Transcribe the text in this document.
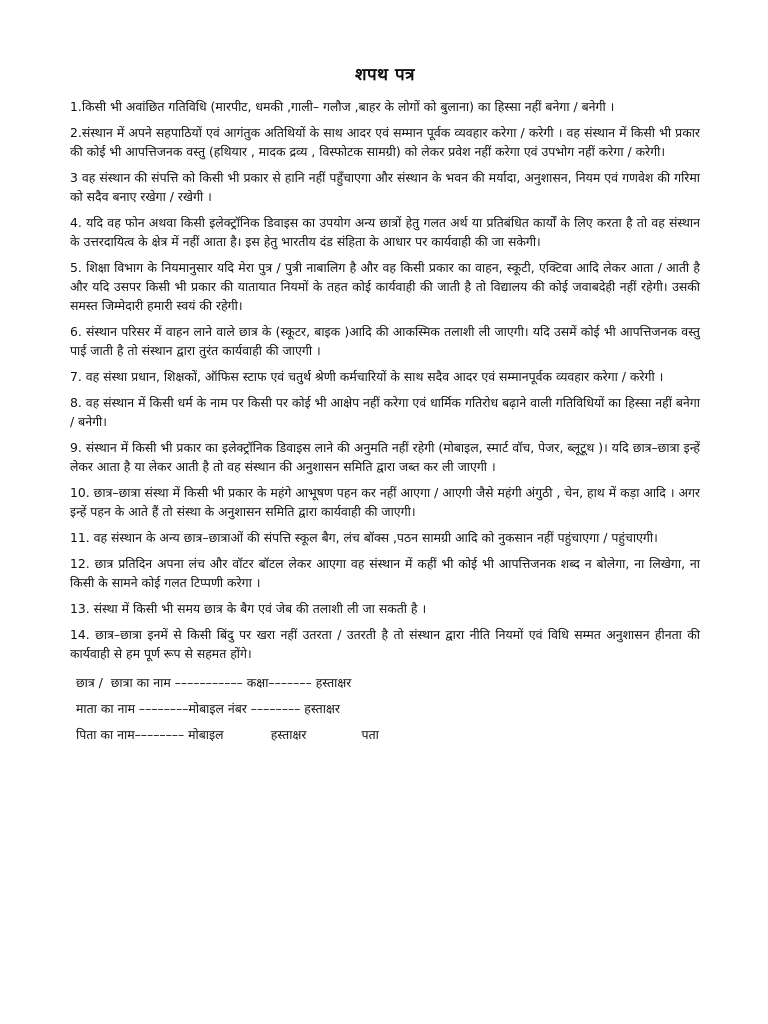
शपथ पत्र

1.किसी भी अवांछित गतिविधि (मारपीट, धमकी ,गाली– गलौज ,बाहर के लोगों को बुलाना) का हिस्सा नहीं बनेगा / बनेगी ।

2.संस्थान में अपने सहपाठियों एवं आगंतुक अतिथियों के साथ आदर एवं सम्मान पूर्वक व्यवहार करेगा / करेगी । वह संस्थान में किसी भी प्रकार की कोई भी आपत्तिजनक वस्तु (हथियार , मादक द्रव्य , विस्फोटक सामग्री) को लेकर प्रवेश नहीं करेगा एवं उपभोग नहीं करेगा / करेगी।

3 वह संस्थान की संपत्ति को किसी भी प्रकार से हानि नहीं पहुँचाएगा और संस्थान के भवन की मर्यादा, अनुशासन, नियम एवं गणवेश की गरिमा को सदैव बनाए रखेगा / रखेगी ।

4. यदि वह फोन अथवा किसी इलेक्ट्रॉनिक डिवाइस का उपयोग अन्य छात्रों हेतु गलत अर्थ या प्रतिबंधित कार्यों के लिए करता है तो वह संस्थान के उत्तरदायित्व के क्षेत्र में नहीं आता है। इस हेतु भारतीय दंड संहिता के आधार पर कार्यवाही की जा सकेगी।

5. शिक्षा विभाग के नियमानुसार यदि मेरा पुत्र / पुत्री नाबालिग है और वह किसी प्रकार का वाहन, स्कूटी, एक्टिवा आदि लेकर आता / आती है और यदि उसपर किसी भी प्रकार की यातायात नियमों के तहत कोई कार्यवाही की जाती है तो विद्यालय की कोई जवाबदेही नहीं रहेगी। उसकी समस्त जिम्मेदारी हमारी स्वयं की रहेगी।

6. संस्थान परिसर में वाहन लाने वाले छात्र के (स्कूटर, बाइक )आदि की आकस्मिक तलाशी ली जाएगी। यदि उसमें कोई भी आपत्तिजनक वस्तु पाई जाती है तो संस्थान द्वारा तुरंत कार्यवाही की जाएगी ।

7. वह संस्था प्रधान, शिक्षकों, ऑफिस स्टाफ एवं चतुर्थ श्रेणी कर्मचारियों के साथ सदैव आदर एवं सम्मानपूर्वक व्यवहार करेगा / करेगी ।

8. वह संस्थान में किसी धर्म के नाम पर किसी पर कोई भी आक्षेप नहीं करेगा एवं धार्मिक गतिरोध बढ़ाने वाली गतिविधियों का हिस्सा नहीं बनेगा / बनेगी।

9. संस्थान में किसी भी प्रकार का इलेक्ट्रॉनिक डिवाइस लाने की अनुमति नहीं रहेगी (मोबाइल, स्मार्ट वॉच, पेजर, ब्लूटूथ )। यदि छात्र–छात्रा इन्हें लेकर आता है या लेकर आती है तो वह संस्थान की अनुशासन समिति द्वारा जब्त कर ली जाएगी ।

10. छात्र–छात्रा संस्था में किसी भी प्रकार के महंगे आभूषण पहन कर नहीं आएगा / आएगी जैसे महंगी अंगुठी , चेन, हाथ में कड़ा आदि । अगर इन्हें पहन के आते हैं तो संस्था के अनुशासन समिति द्वारा कार्यवाही की जाएगी।

11. वह संस्थान के अन्य छात्र–छात्राओं की संपत्ति स्कूल बैग, लंच बॉक्स ,पठन सामग्री आदि को नुकसान नहीं पहुंचाएगा / पहुंचाएगी।

12. छात्र प्रतिदिन अपना लंच और वॉटर बॉटल लेकर आएगा वह संस्थान में कहीं भी कोई भी आपत्तिजनक शब्द न बोलेगा, ना लिखेगा, ना किसी के सामने कोई गलत टिप्पणी करेगा ।

13. संस्था में किसी भी समय छात्र के बैग एवं जेब की तलाशी ली जा सकती है ।

14. छात्र–छात्रा इनमें से किसी बिंदु पर खरा नहीं उतरता / उतरती है तो संस्थान द्वारा नीति नियमों एवं विधि सम्मत अनुशासन हीनता की कार्यवाही से हम पूर्ण रूप से सहमत होंगे।

छात्र /  छात्रा का नाम ––––––––––– कक्षा––––––– हस्ताक्षर

माता का नाम ––––––––मोबाइल नंबर –––––––– हस्ताक्षर

पिता का नाम–––––––– मोबाइल            हस्ताक्षर              पता
